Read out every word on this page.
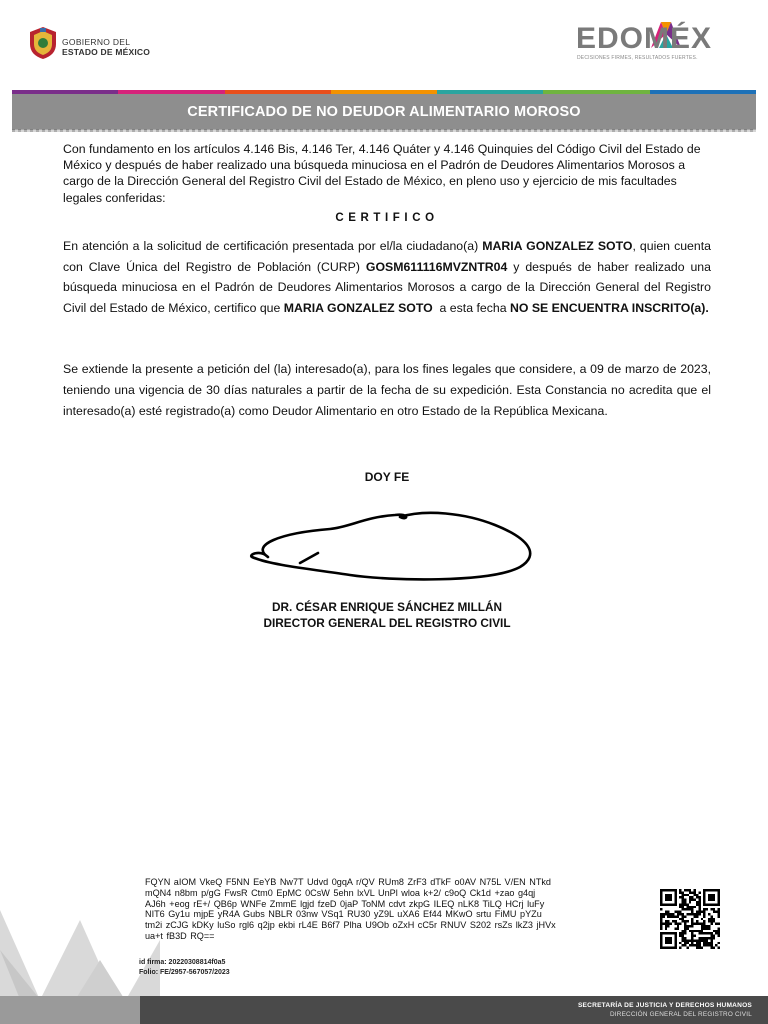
GOBIERNO DEL
ESTADO DE MÉXICO	EDOMÉX
DECISIONES FIRMES, RESULTADOS FUERTES.
CERTIFICADO DE NO DEUDOR ALIMENTARIO MOROSO
Con fundamento en los artículos 4.146 Bis, 4.146 Ter, 4.146 Quáter y 4.146 Quinquies del Código Civil del Estado de México y después de haber realizado una búsqueda minuciosa en el Padrón de Deudores Alimentarios Morosos a cargo de la Dirección General del Registro Civil del Estado de México, en pleno uso y ejercicio de mis facultades legales conferidas:
CERTIFICO
En atención a la solicitud de certificación presentada por el/la ciudadano(a) MARIA GONZALEZ SOTO, quien cuenta con Clave Única del Registro de Población (CURP) GOSM611116MVZNTR04 y después de haber realizado una búsqueda minuciosa en el Padrón de Deudores Alimentarios Morosos a cargo de la Dirección General del Registro Civil del Estado de México, certifico que MARIA GONZALEZ SOTO  a esta fecha NO SE ENCUENTRA INSCRITO(a).
Se extiende la presente a petición del (la) interesado(a), para los fines legales que considere, a 09 de marzo de 2023, teniendo una vigencia de 30 días naturales a partir de la fecha de su expedición. Esta Constancia no acredita que el interesado(a) esté registrado(a) como Deudor Alimentario en otro Estado de la República Mexicana.
DOY FE
DR. CÉSAR ENRIQUE SÁNCHEZ MILLÁN
DIRECTOR GENERAL DEL REGISTRO CIVIL
FQYN aIOM VkeQ F5NN EeYB Nw7T Udvd 0gqA r/QV RUm8 ZrF3 dTkF o0AV N75L V/EN NTkd mQN4 n8bm p/gG FwsR Ctm0 EpMC 0CsW 5ehn lxVL UnPl wloa k+2/ c9oQ Ck1d +zao g4qj AJ6h +eog rE+/ QB6p WNFe ZmmE lgjd fzeD 0jaP ToNM cdvt zkpG ILEQ nLK8 TiLQ HCrj luFy NIT6 Gy1u mjpE yR4A Gubs NBLR 03nw VSq1 RU30 yZ9L uXA6 Ef44 MKwO srtu FiMU pYZu tm2i zCJG kDKy luSo rgl6 q2jp ekbi rL4E B6f7 Plha U9Ob oZxH cC5r RNUV S202 rsZs lkZ3 jHVx ua+t fB3D RQ==
id firma: 20220308814f0a5
Folio: FE/2957-567057/2023
SECRETARÍA DE JUSTICIA Y DERECHOS HUMANOS
DIRECCIÓN GENERAL DEL REGISTRO CIVIL
